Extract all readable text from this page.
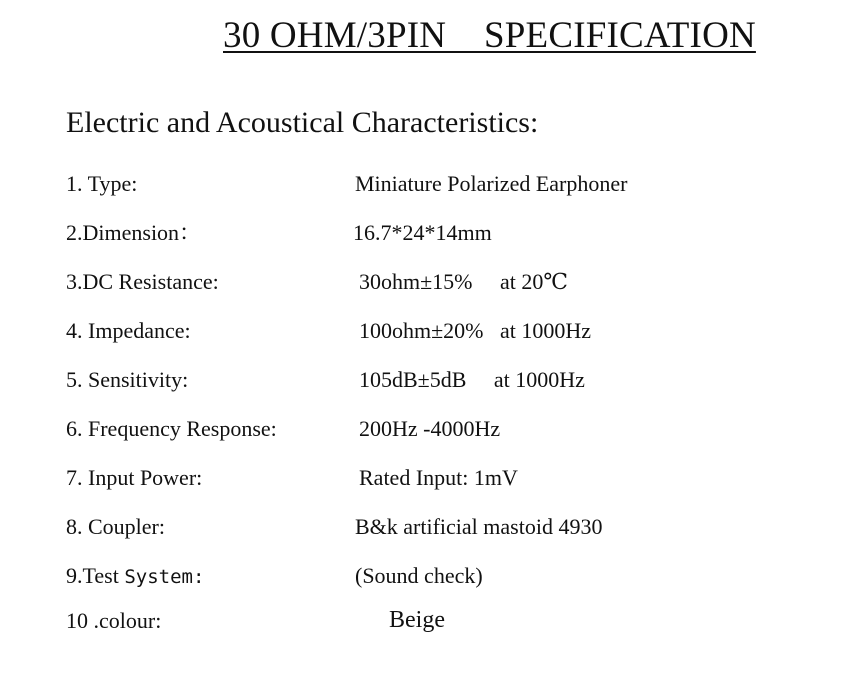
30 OHM/3PIN    SPECIFICATION
Electric and Acoustical Characteristics:
1. Type:	Miniature Polarized Earphoner
2.Dimension：	16.7*24*14mm
3.DC Resistance:	30ohm±15%     at 20℃
4. Impedance:	100ohm±20%   at 1000Hz
5. Sensitivity:	105dB±5dB     at 1000Hz
6. Frequency Response:	200Hz -4000Hz
7. Input Power:	Rated Input: 1mV
8. Coupler:	B&k artificial mastoid 4930
9.Test System:	(Sound check)
10 .colour:	Beige
